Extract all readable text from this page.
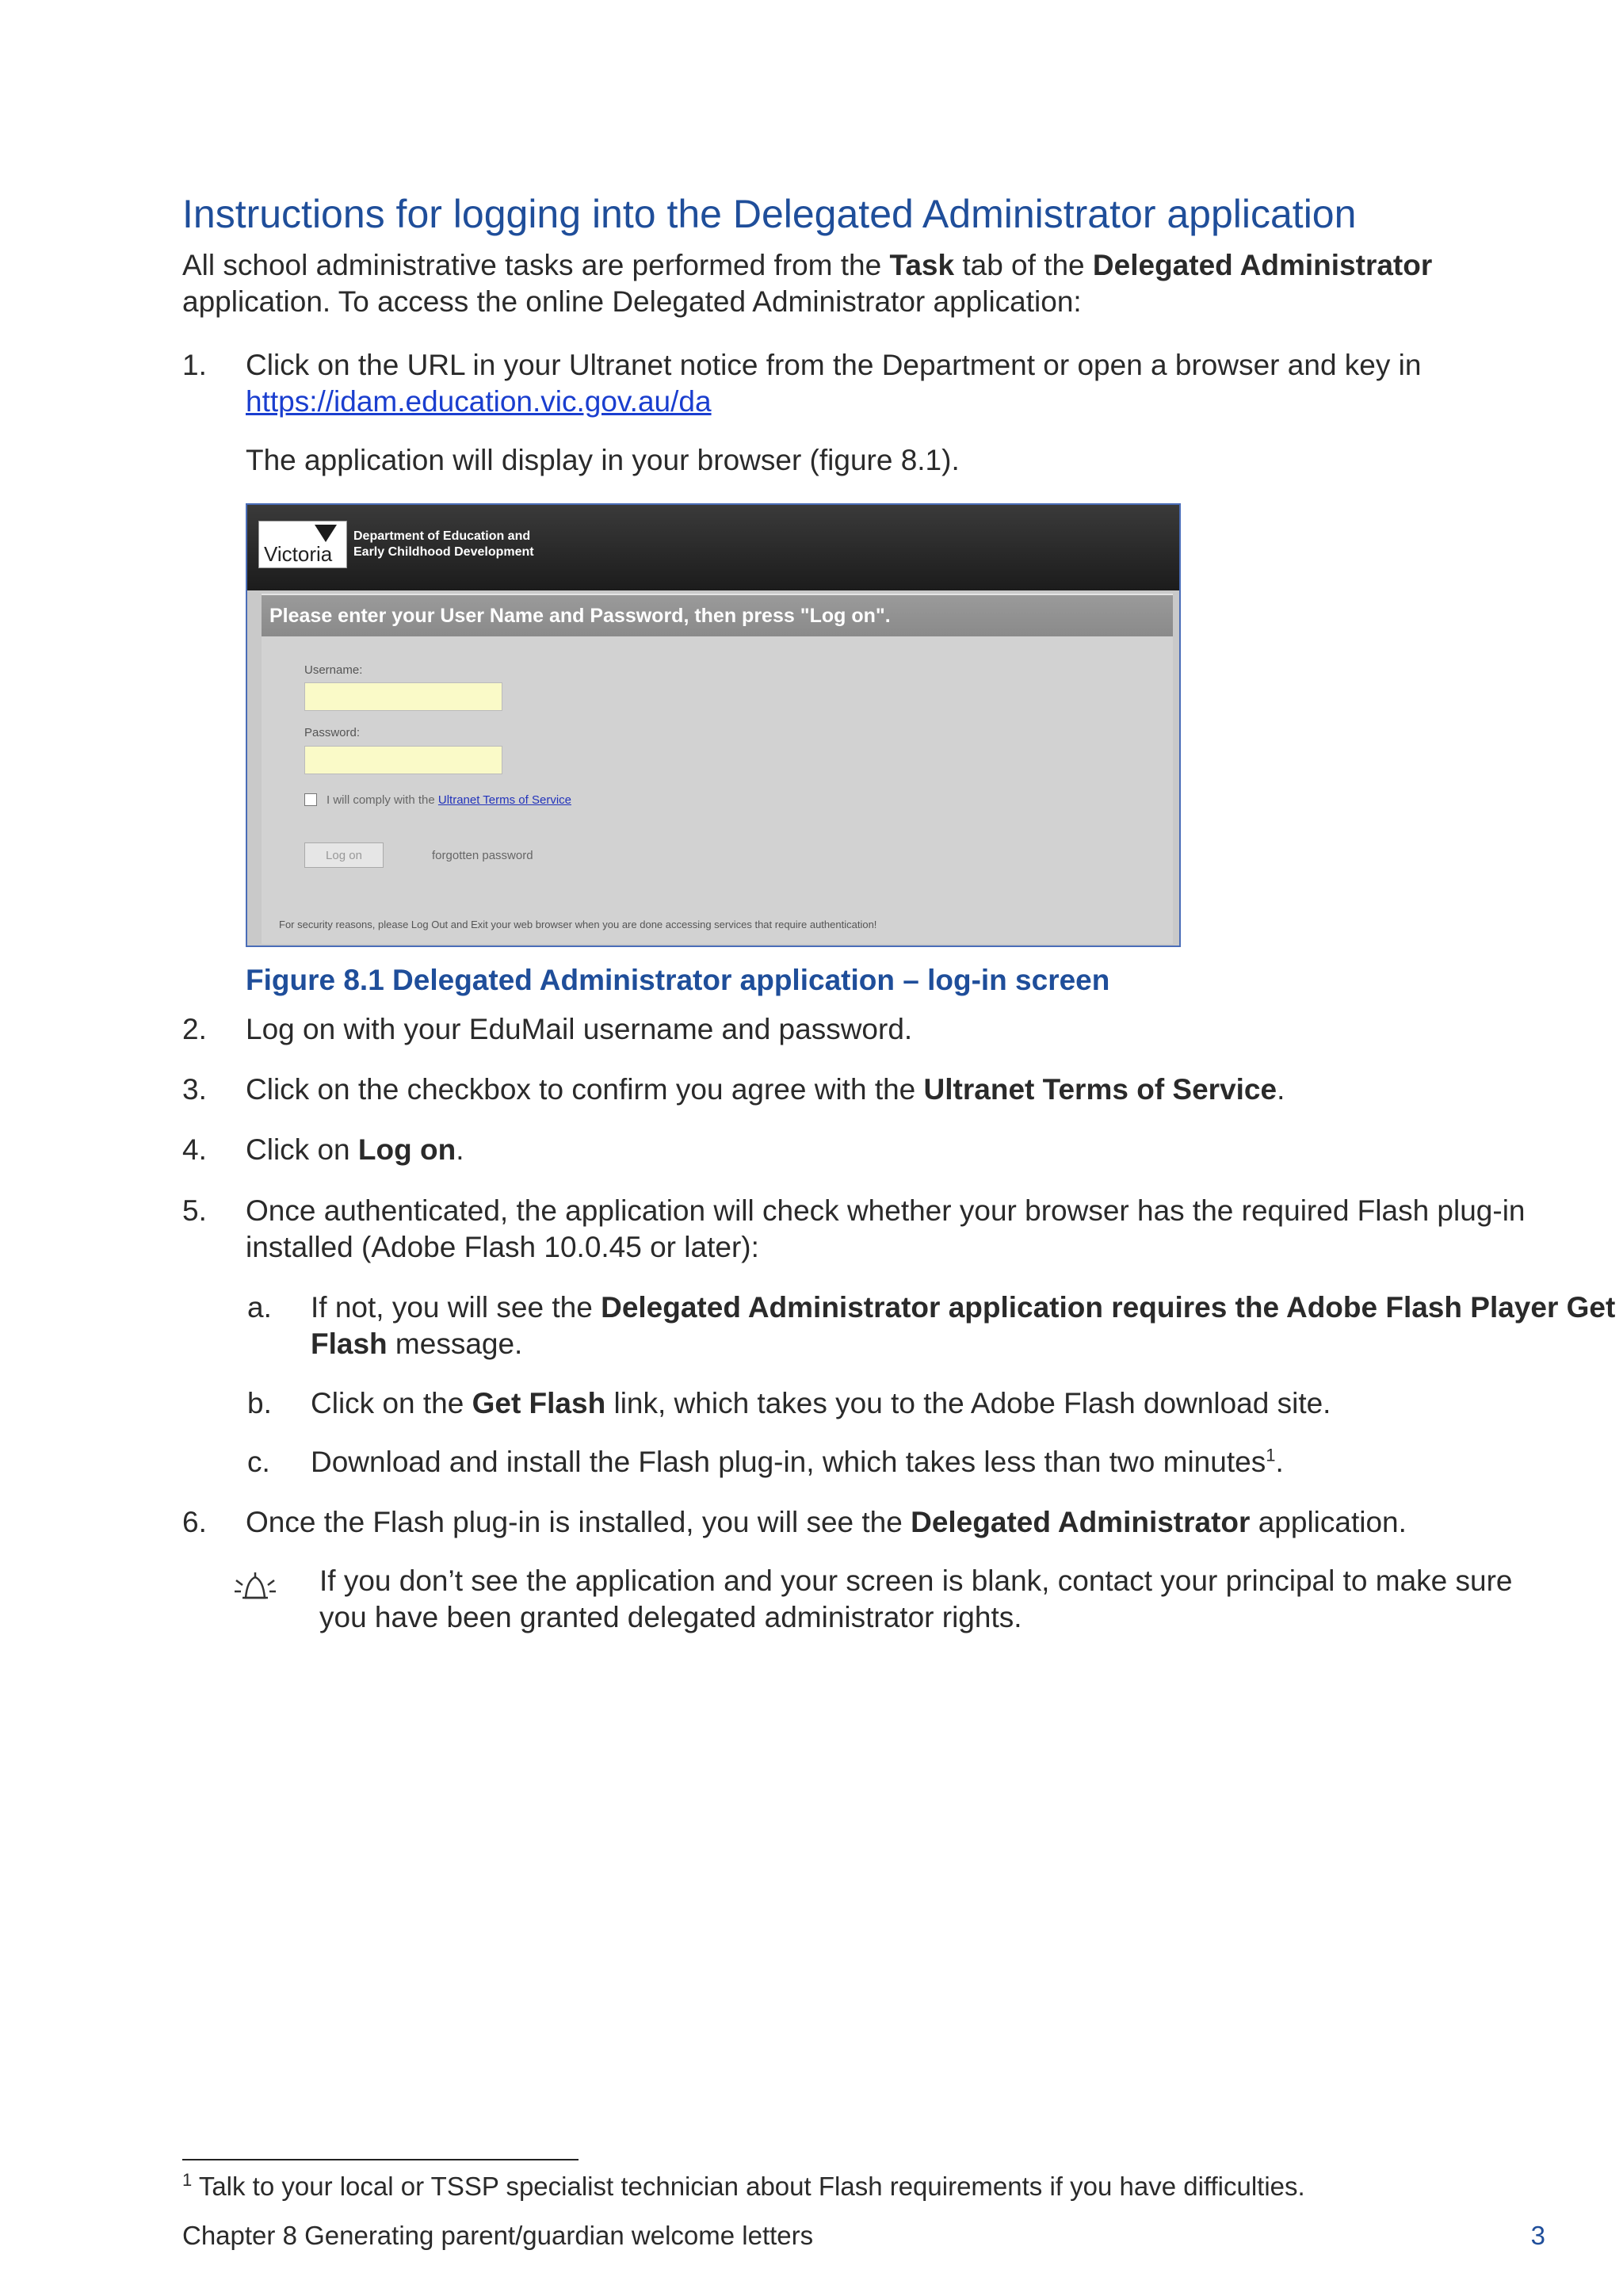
Instructions for logging into the Delegated Administrator application

All school administrative tasks are performed from the Task tab of the Delegated Administrator application. To access the online Delegated Administrator application:

1.	Click on the URL in your Ultranet notice from the Department or open a browser and key in
https://idam.education.vic.gov.au/da
The application will display in your browser (figure 8.1).
Victoria
Department of Education and
Early Childhood Development
Please enter your User Name and Password, then press "Log on".
Username:
Password:
I will comply with the Ultranet Terms of Service
Log on	forgotten password
For security reasons, please Log Out and Exit your web browser when you are done accessing services that require authentication!
Figure 8.1 Delegated Administrator application – log-in screen
2.	Log on with your EduMail username and password.
3.	Click on the checkbox to confirm you agree with the Ultranet Terms of Service.
4.	Click on Log on.
5.	Once authenticated, the application will check whether your browser has the required Flash plug-in installed (Adobe Flash 10.0.45 or later):
a.	If not, you will see the Delegated Administrator application requires the Adobe Flash Player Get Flash message.
b.	Click on the Get Flash link, which takes you to the Adobe Flash download site.
c.	Download and install the Flash plug-in, which takes less than two minutes$^1$.
6.	Once the Flash plug-in is installed, you will see the Delegated Administrator application.
If you don’t see the application and your screen is blank, contact your principal to make sure you have been granted delegated administrator rights.
$^1$ Talk to your local or TSSP specialist technician about Flash requirements if you have difficulties.
Chapter 8 Generating parent/guardian welcome letters	3
